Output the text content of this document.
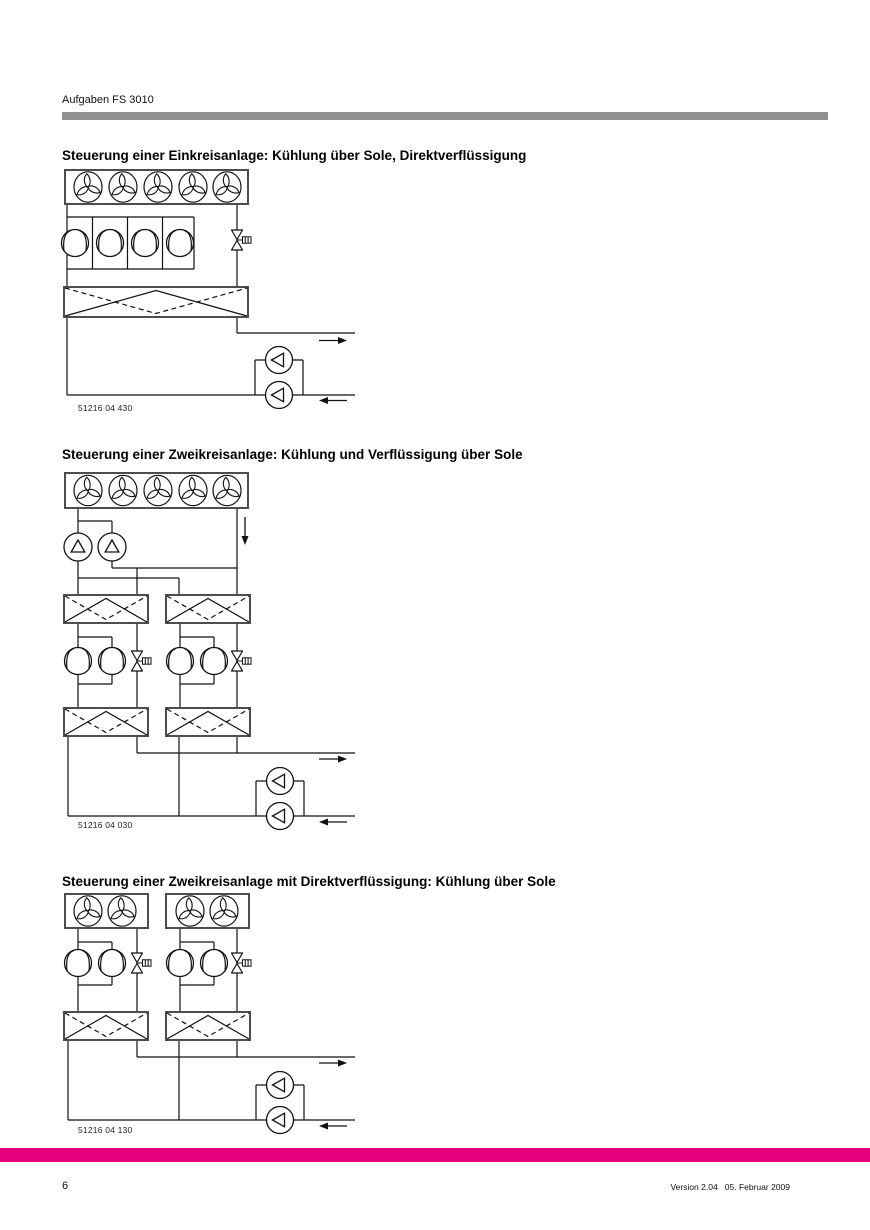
Aufgaben FS 3010
Steuerung einer Einkreisanlage: Kühlung über Sole, Direktverflüssigung
Steuerung einer Zweikreisanlage: Kühlung und Verflüssigung über Sole
Steuerung einer Zweikreisanlage mit Direktverflüssigung: Kühlung über Sole
51216 04 430
51216 04 030
51216 04 130
6	Version 2.04   05. Februar 2009
